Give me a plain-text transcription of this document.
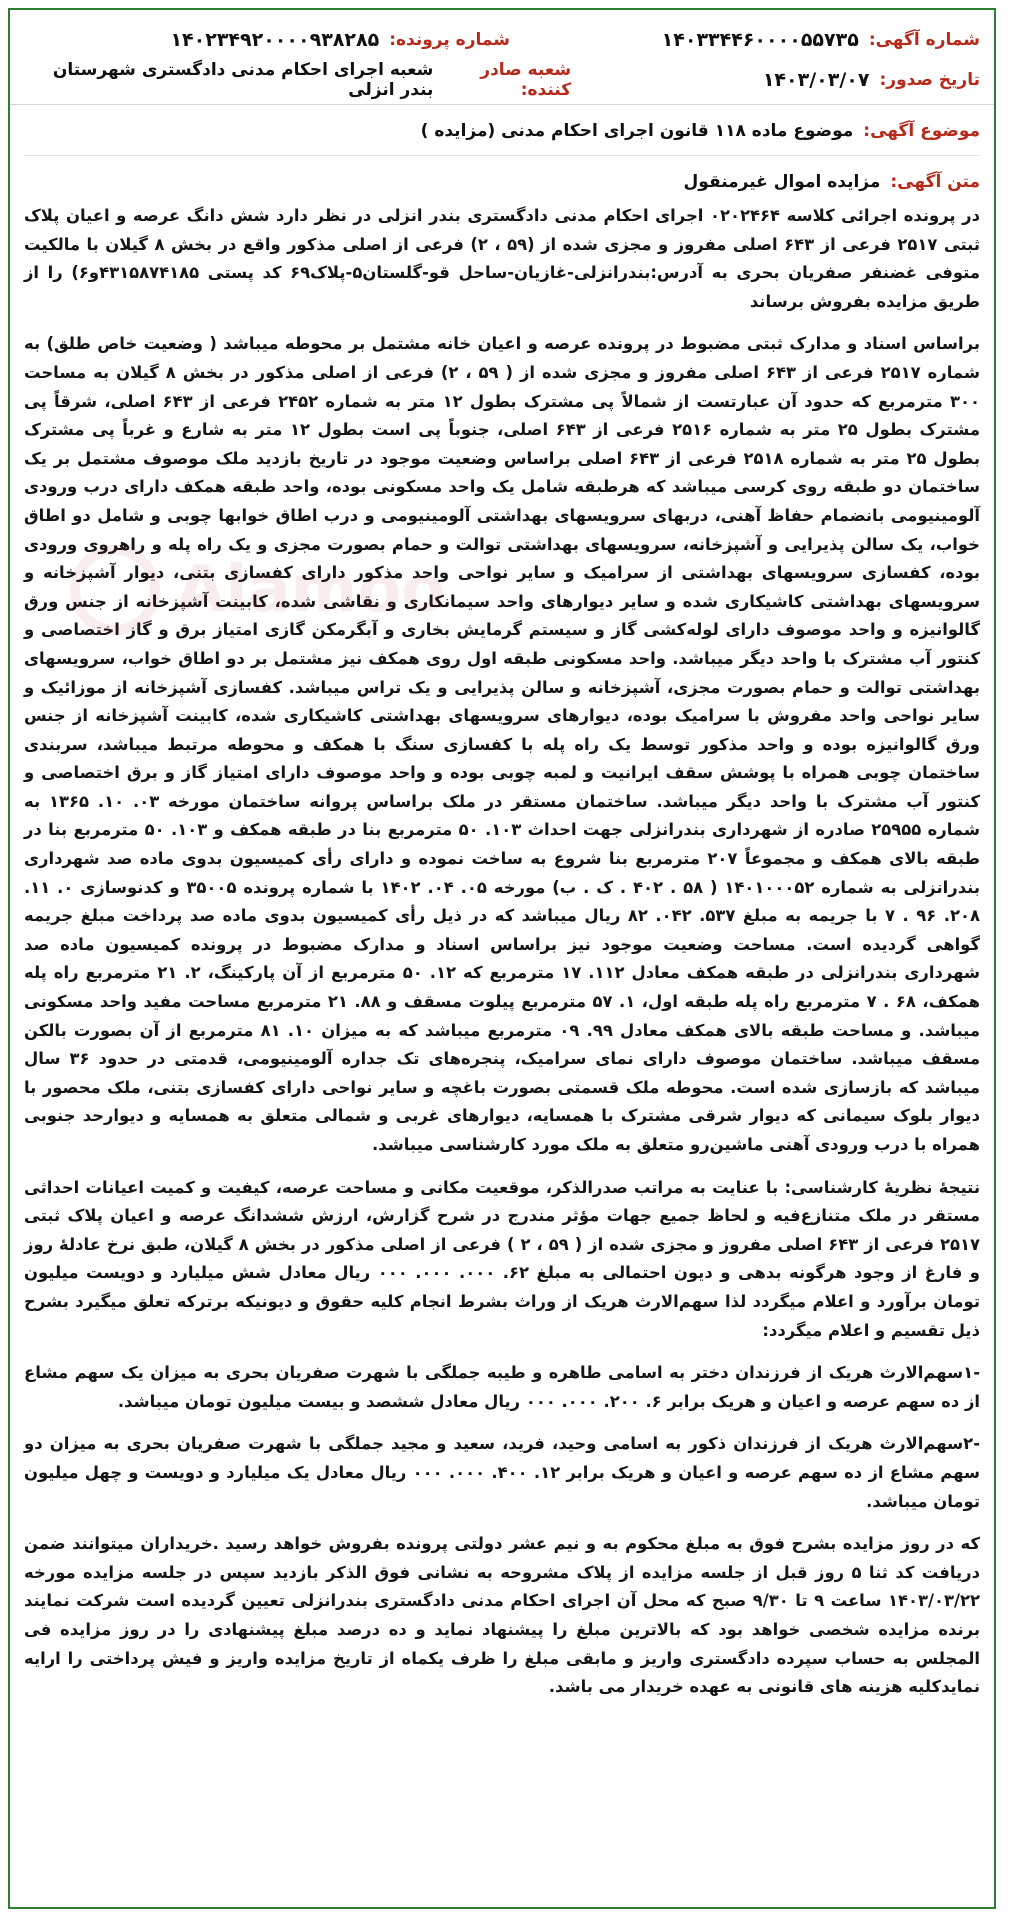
Alamoo
شماره آگهی:
۱۴۰۳۳۴۴۶۰۰۰۰۵۵۷۳۵
شماره پرونده:
۱۴۰۲۳۴۹۲۰۰۰۰۹۳۸۲۸۵
تاریخ صدور:
۱۴۰۳/۰۳/۰۷
شعبه صادر کننده:
شعبه اجرای احکام مدنی دادگستری شهرستان بندر انزلی
موضوع آگهی:
موضوع ماده ۱۱۸ قانون اجرای احکام مدنی (مزایده )
متن آگهی:
مزایده اموال غیرمنقول

در پرونده اجرائی کلاسه ۰۲۰۲۴۶۴ اجرای احکام مدنی دادگستری بندر انزلی در نظر دارد شش دانگ عرصه و اعیان پلاک ثبتی ۲۵۱۷ فرعی از ۶۴۳ اصلی مفروز و مجزی شده از (۵۹ ، ۲) فرعی از اصلی مذکور واقع در بخش ۸ گیلان با مالکیت متوفی غضنفر صفریان بحری به آدرس:بندرانزلی-غازیان-ساحل قو-گلستان۵-پلاک۶۹ کد پستی ۴۳۱۵۸۷۴۱۸۵و۶) را از طریق مزایده بفروش برساند

براساس اسناد و مدارک ثبتی مضبوط در پرونده عرصه و اعیان خانه مشتمل بر محوطه میباشد ( وضعیت خاص طلق) به شماره ۲۵۱۷ فرعی از ۶۴۳ اصلی مفروز و مجزی شده از ( ۵۹ ، ۲) فرعی از اصلی مذکور در بخش ۸ گیلان به مساحت ۳۰۰ مترمربع که حدود آن عبارتست از شمالاً پی مشترک بطول ۱۲ متر به شماره ۲۴۵۲ فرعی از ۶۴۳ اصلی، شرقاً پی مشترک بطول ۲۵ متر به شماره ۲۵۱۶ فرعی از ۶۴۳ اصلی، جنوباً پی است بطول ۱۲ متر به شارع و غرباً پی مشترک بطول ۲۵ متر به شماره ۲۵۱۸ فرعی از ۶۴۳ اصلی براساس وضعیت موجود در تاریخ بازدید ملک موصوف مشتمل بر یک ساختمان دو طبقه روی کرسی میباشد که هرطبقه شامل یک واحد مسکونی بوده، واحد طبقه همکف دارای درب ورودی آلومینیومی بانضمام حفاظ آهنی، دربهای سرویسهای بهداشتی آلومینیومی و درب اطاق خوابها چوبی و شامل دو اطاق خواب، یک سالن پذیرایی و آشپزخانه، سرویسهای بهداشتی توالت و حمام بصورت مجزی و یک راه پله و راهروی ورودی بوده، کفسازی سرویسهای بهداشتی از سرامیک و سایر نواحی واحد مذکور دارای کفسازی بتنی، دیوار آشپزخانه و سرویسهای بهداشتی کاشیکاری شده و سایر دیوارهای واحد سیمانکاری و نقاشی شده، کابینت آشپزخانه از جنس ورق گالوانیزه و واحد موصوف دارای لوله‌کشی گاز و سیستم گرمایش بخاری و آبگرمکن گازی امتیاز برق و گاز اختصاصی و کنتور آب مشترک با واحد دیگر میباشد. واحد مسکونی طبقه اول روی همکف نیز مشتمل بر دو اطاق خواب، سرویسهای بهداشتی توالت و حمام بصورت مجزی، آشپزخانه و سالن پذیرایی و یک تراس میباشد. کفسازی آشپزخانه از موزائیک و سایر نواحی واحد مفروش با سرامیک بوده، دیوارهای سرویسهای بهداشتی کاشیکاری شده، کابینت آشپزخانه از جنس ورق گالوانیزه بوده و واحد مذکور توسط یک راه پله با کفسازی سنگ با همکف و محوطه مرتبط میباشد، سربندی ساختمان چوبی همراه با پوشش سقف ایرانیت و لمبه چوبی بوده و واحد موصوف دارای امتیاز گاز و برق اختصاصی و کنتور آب مشترک با واحد دیگر میباشد. ساختمان مستقر در ملک براساس پروانه ساختمان مورخه ۰۳. ۱۰. ۱۳۶۵ به شماره ۲۵۹۵۵ صادره از شهرداری بندرانزلی جهت احداث ۱۰۳. ۵۰ مترمربع بنا در طبقه همکف و ۱۰۳. ۵۰ مترمربع بنا در طبقه بالای همکف و مجموعاً ۲۰۷ مترمربع بنا شروع به ساخت نموده و دارای رأی کمیسیون بدوی ماده صد شهرداری بندرانزلی به شماره ۱۴۰۱۰۰۰۵۲ ( ۵۸ . ۴۰۲ . ک . ب) مورخه ۰۵. ۰۴. ۱۴۰۲ با شماره پرونده ۳۵۰۰۵ و کدنوسازی ۰. ۱۱. ۲۰۸. ۹۶ . ۷ با جریمه به مبلغ ۵۳۷. ۰۴۲. ۸۲ ریال میباشد که در ذیل رأی کمیسیون بدوی ماده صد پرداخت مبلغ جریمه گواهی گردیده است. مساحت وضعیت موجود نیز براساس اسناد و مدارک مضبوط در پرونده کمیسیون ماده صد شهرداری بندرانزلی در طبقه همکف معادل ۱۱۲. ۱۷ مترمربع که ۱۲. ۵۰ مترمربع از آن پارکینگ، ۲. ۲۱ مترمربع راه پله همکف، ۶۸ . ۷ مترمربع راه پله طبقه اول، ۱. ۵۷ مترمربع پیلوت مسقف و ۸۸. ۲۱ مترمربع مساحت مفید واحد مسکونی میباشد. و مساحت طبقه بالای همکف معادل ۹۹. ۰۹ مترمربع میباشد که به میزان ۱۰. ۸۱ مترمربع از آن بصورت بالکن مسقف میباشد. ساختمان موصوف دارای نمای سرامیک، پنجره‌های تک جداره آلومینیومی، قدمتی در حدود ۳۶ سال میباشد که بازسازی شده است. محوطه ملک قسمتی بصورت باغچه و سایر نواحی دارای کفسازی بتنی، ملک محصور با دیوار بلوک سیمانی که دیوار شرقی مشترک با همسایه، دیوارهای غربی و شمالی متعلق به همسایه و دیوارحد جنوبی همراه با درب ورودی آهنی ماشین‌رو متعلق به ملک مورد کارشناسی میباشد.

نتیجهٔ نظریهٔ کارشناسی: با عنایت به مراتب صدرالذکر، موقعیت مکانی و مساحت عرصه، کیفیت و کمیت اعیانات احداثی مستقر در ملک متنازع‌فیه و لحاظ جمیع جهات مؤثر مندرج در شرح گزارش، ارزش ششدانگ عرصه و اعیان پلاک ثبتی ۲۵۱۷ فرعی از ۶۴۳ اصلی مفروز و مجزی شده از ( ۵۹ ، ۲ ) فرعی از اصلی مذکور در بخش ۸ گیلان، طبق نرخ عادلهٔ روز و فارغ از وجود هرگونه بدهی و دیون احتمالی به مبلغ ۶۲. ۰۰۰. ۰۰۰. ۰۰۰ ریال معادل شش میلیارد و دویست میلیون تومان برآورد و اعلام میگردد لذا سهم‌الارث هریک از وراث بشرط انجام کلیه حقوق و دیونیکه برترکه تعلق میگیرد بشرح ذیل تقسیم و اعلام میگردد:

-۱سهم‌الارث هریک از فرزندان دختر به اسامی طاهره و طیبه جملگی با شهرت صفریان بحری به میزان یک سهم مشاع از ده سهم عرصه و اعیان و هریک برابر ۶. ۲۰۰. ۰۰۰. ۰۰۰ ریال معادل ششصد و بیست میلیون تومان میباشد.

-۲سهم‌الارث هریک از فرزندان ذکور به اسامی وحید، فرید، سعید و مجید جملگی با شهرت صفریان بحری به میزان دو سهم مشاع از ده سهم عرصه و اعیان و هریک برابر ۱۲. ۴۰۰. ۰۰۰. ۰۰۰ ریال معادل یک میلیارد و دویست و چهل میلیون تومان میباشد.

که در روز مزایده بشرح فوق به مبلغ محکوم به و نیم عشر دولتی پرونده بفروش خواهد رسید .خریداران میتوانند ضمن دریافت کد ثنا ۵ روز قبل از جلسه مزایده از پلاک مشروحه به نشانی فوق الذکر بازدید سپس در جلسه مزایده مورخه ۱۴۰۳/۰۳/۲۲ ساعت ۹ تا ۹/۳۰ صبح که محل آن اجرای احکام مدنی دادگستری بندرانزلی تعیین گردیده است شرکت نمایند برنده مزایده شخصی خواهد بود که بالاترین مبلغ را پیشنهاد نماید و ده درصد مبلغ پیشنهادی را در روز مزایده فی المجلس به حساب سپرده دادگستری واریز و مابقی مبلغ را ظرف یکماه از تاریخ مزایده واریز و فیش پرداختی را ارایه نمایدکلیه هزینه های قانونی به عهده خریدار می باشد.
